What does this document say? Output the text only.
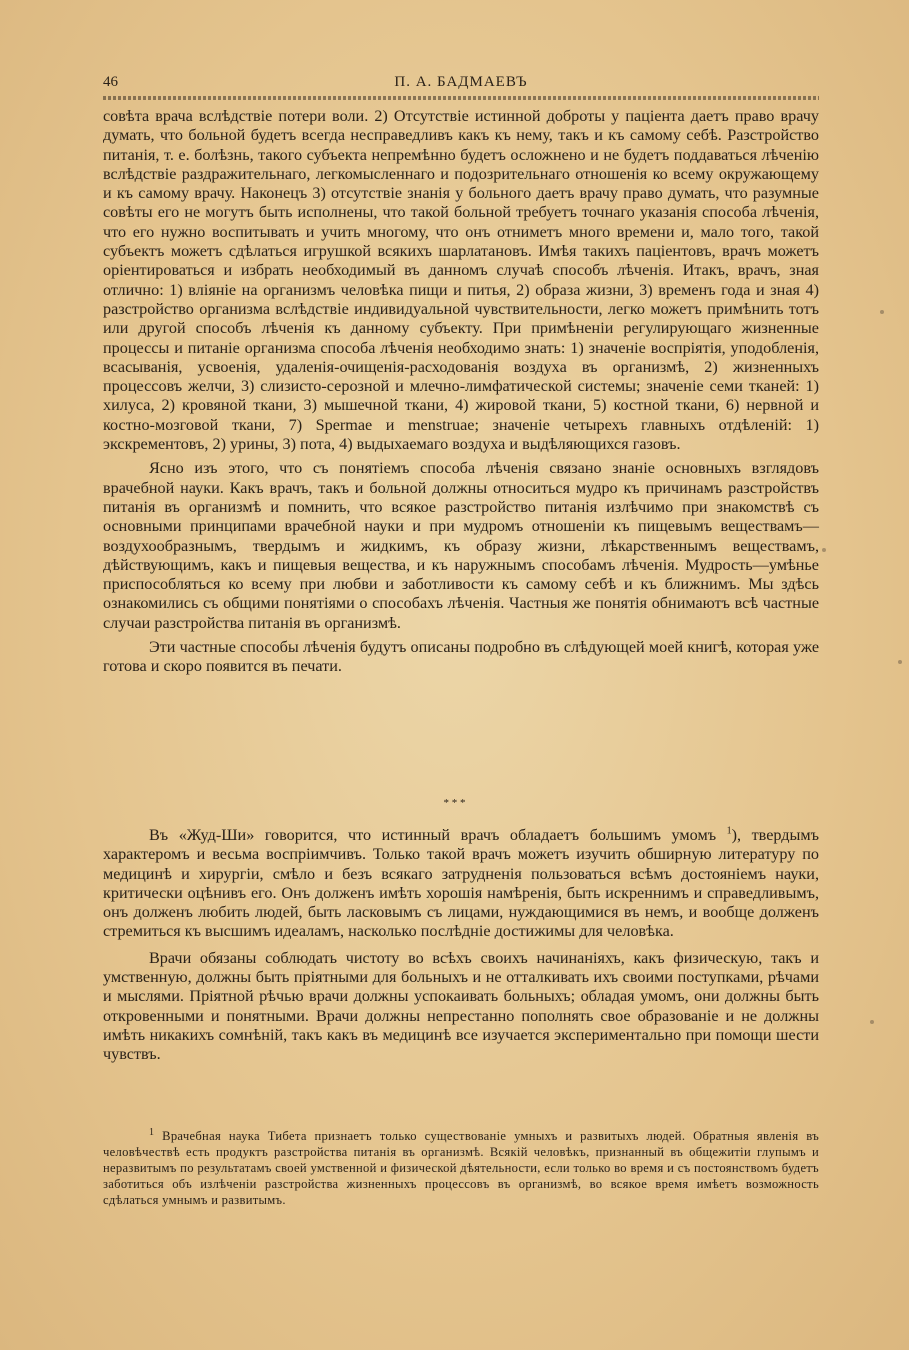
46	П. А. БАДМАЕВЪ

совѣта врача вслѣдствіе потери воли. 2) Отсутствіе истинной доброты у паціента даетъ право врачу думать, что больной будетъ всегда несправедливъ какъ къ нему, такъ и къ самому себѣ. Разстройство питанія, т. е. болѣзнь, такого субъекта непремѣнно будетъ осложнено и не будетъ поддаваться лѣченію вслѣдствіе раздражительнаго, легкомысленнаго и подозрительнаго отношенія ко всему окружающему и къ самому врачу. Наконецъ 3) отсутствіе знанія у больного даетъ врачу право думать, что разумные совѣты его не могутъ быть исполнены, что такой больной требуетъ точнаго указанія способа лѣченія, что его нужно воспитывать и учить многому, что онъ отниметъ много времени и, мало того, такой субъектъ можетъ сдѣлаться игрушкой всякихъ шарлатановъ. Имѣя такихъ паціентовъ, врачъ можетъ оріентироваться и избрать необходимый въ данномъ случаѣ способъ лѣченія. Итакъ, врачъ, зная отлично: 1) вліяніе на организмъ человѣка пищи и питья, 2) образа жизни, 3) временъ года и зная 4) разстройство организма вслѣдствіе индивидуальной чувствительности, легко можетъ примѣнить тотъ или другой способъ лѣченія къ данному субъекту. При примѣненіи регулирующаго жизненные процессы и питаніе организма способа лѣченія необходимо знать: 1) значеніе воспріятія, уподобленія, всасыванія, усвоенія, удаленія-очищенія-расходованія воздуха въ организмѣ, 2) жизненныхъ процессовъ желчи, 3) слизисто-серозной и млечно-лимфатической системы; значеніе семи тканей: 1) хилуса, 2) кровяной ткани, 3) мышечной ткани, 4) жировой ткани, 5) костной ткани, 6) нервной и костно-мозговой ткани, 7) Spermae и menstruae; значеніе четырехъ главныхъ отдѣленій: 1) экскрементовъ, 2) урины, 3) пота, 4) выдыхаемаго воздуха и выдѣляющихся газовъ.

Ясно изъ этого, что съ понятіемъ способа лѣченія связано знаніе основныхъ взглядовъ врачебной науки. Какъ врачъ, такъ и больной должны относиться мудро къ причинамъ разстройствъ питанія въ организмѣ и помнить, что всякое разстройство питанія излѣчимо при знакомствѣ съ основными принципами врачебной науки и при мудромъ отношеніи къ пищевымъ веществамъ—воздухообразнымъ, твердымъ и жидкимъ, къ образу жизни, лѣкарственнымъ веществамъ, дѣйствующимъ, какъ и пищевыя вещества, и къ наружнымъ способамъ лѣченія. Мудрость—умѣнье приспособляться ко всему при любви и заботливости къ самому себѣ и къ ближнимъ. Мы здѣсь ознакомились съ общими понятіями о способахъ лѣченія. Частныя же понятія обнимаютъ всѣ частные случаи разстройства питанія въ организмѣ.

Эти частные способы лѣченія будутъ описаны подробно въ слѣдующей моей книгѣ, которая уже готова и скоро появится въ печати.

* * *

Въ «Жуд-Ши» говорится, что истинный врачъ обладаетъ большимъ умомъ $^1$), твердымъ характеромъ и весьма воспріимчивъ. Только такой врачъ можетъ изучить обширную литературу по медицинѣ и хирургіи, смѣло и безъ всякаго затрудненія пользоваться всѣмъ достояніемъ науки, критически оцѣнивъ его. Онъ долженъ имѣть хорошія намѣренія, быть искреннимъ и справедливымъ, онъ долженъ любить людей, быть ласковымъ съ лицами, нуждающимися въ немъ, и вообще долженъ стремиться къ высшимъ идеаламъ, насколько послѣдніе достижимы для человѣка.

Врачи обязаны соблюдать чистоту во всѣхъ своихъ начинаніяхъ, какъ физическую, такъ и умственную, должны быть пріятными для больныхъ и не отталкивать ихъ своими поступками, рѣчами и мыслями. Пріятной рѣчью врачи должны успокаивать больныхъ; обладая умомъ, они должны быть откровенными и понятными. Врачи должны непрестанно пополнять свое образованіе и не должны имѣть никакихъ сомнѣній, такъ какъ въ медицинѣ все изучается экспериментально при помощи шести чувствъ.

$^1$ Врачебная наука Тибета признаетъ только существованіе умныхъ и развитыхъ людей. Обратныя явленія въ человѣчествѣ есть продуктъ разстройства питанія въ организмѣ. Всякій человѣкъ, признанный въ общежитіи глупымъ и неразвитымъ по результатамъ своей умственной и физической дѣятельности, если только во время и съ постоянствомъ будетъ заботиться объ излѣченіи разстройства жизненныхъ процессовъ въ организмѣ, во всякое время имѣетъ возможность сдѣлаться умнымъ и развитымъ.
